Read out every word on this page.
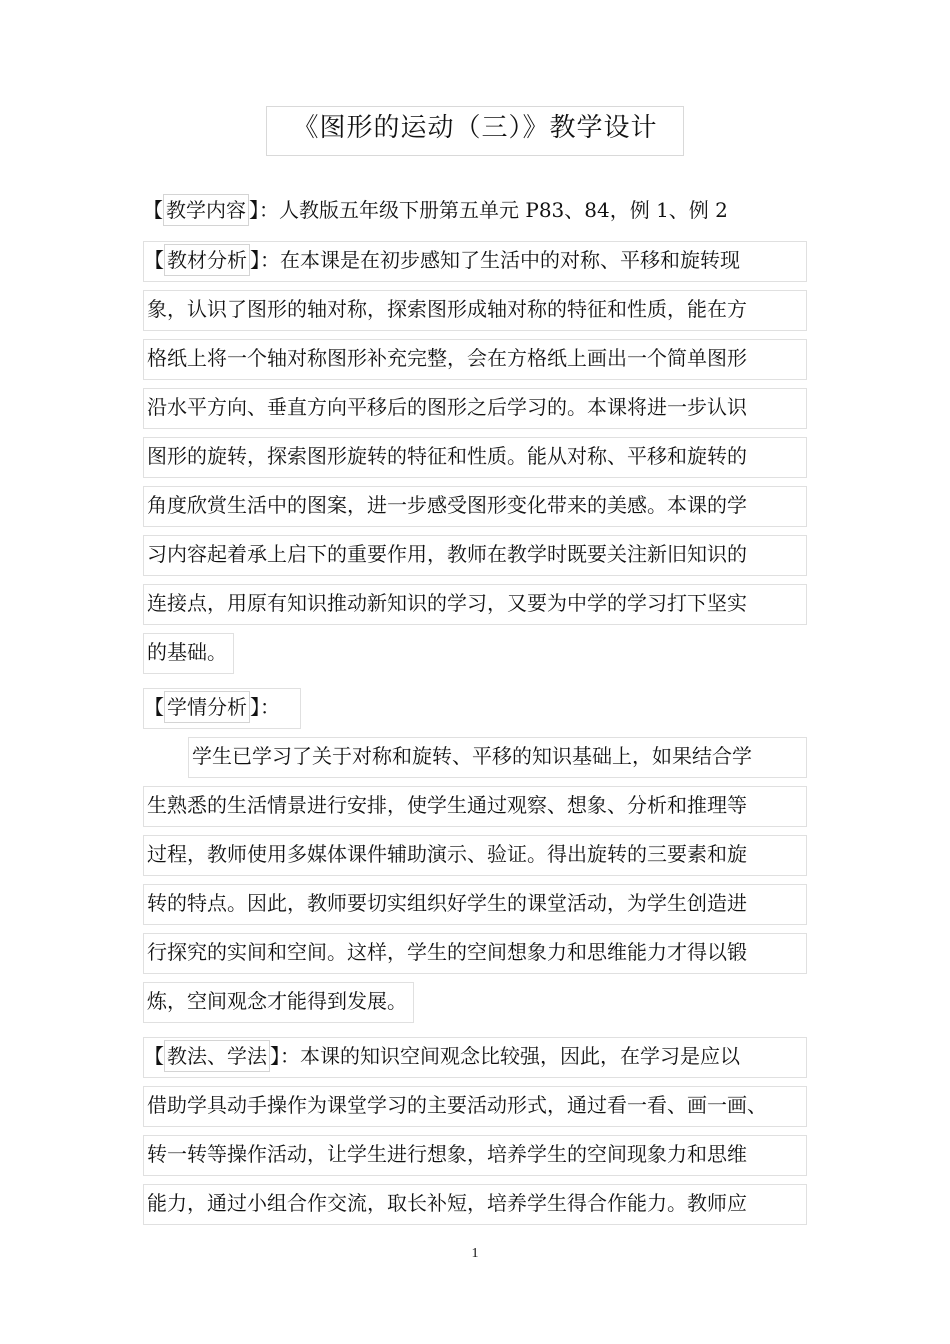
《图形的运动（三）》教学设计
【 教学内容 】：人教版五年级下册第五单元 P83、84，例 1、例 2
【 教材分析 】：在本课是在初步感知了生活中的对称、平移和旋转现
象，认识了图形的轴对称，探索图形成轴对称的特征和性质，能在方
格纸上将一个轴对称图形补充完整，会在方格纸上画出一个简单图形
沿水平方向、垂直方向平移后的图形之后学习的。本课将进一步认识
图形的旋转，探索图形旋转的特征和性质。能从对称、平移和旋转的
角度欣赏生活中的图案，进一步感受图形变化带来的美感。本课的学
习内容起着承上启下的重要作用，教师在教学时既要关注新旧知识的
连接点，用原有知识推动新知识的学习，又要为中学的学习打下坚实
的基础。
【 学情分析 】：
学生已学习了关于对称和旋转、平移的知识基础上，如果结合学
生熟悉的生活情景进行安排，使学生通过观察、想象、分析和推理等
过程，教师使用多媒体课件辅助演示、验证。得出旋转的三要素和旋
转的特点。因此，教师要切实组织好学生的课堂活动，为学生创造进
行探究的实间和空间。这样，学生的空间想象力和思维能力才得以锻
炼，空间观念才能得到发展。
【 教法、学法 】：本课的知识空间观念比较强，因此，在学习是应以
借助学具动手操作为课堂学习的主要活动形式，通过看一看、画一画、
转一转等操作活动，让学生进行想象，培养学生的空间现象力和思维
能力，通过小组合作交流，取长补短，培养学生得合作能力。教师应
1
